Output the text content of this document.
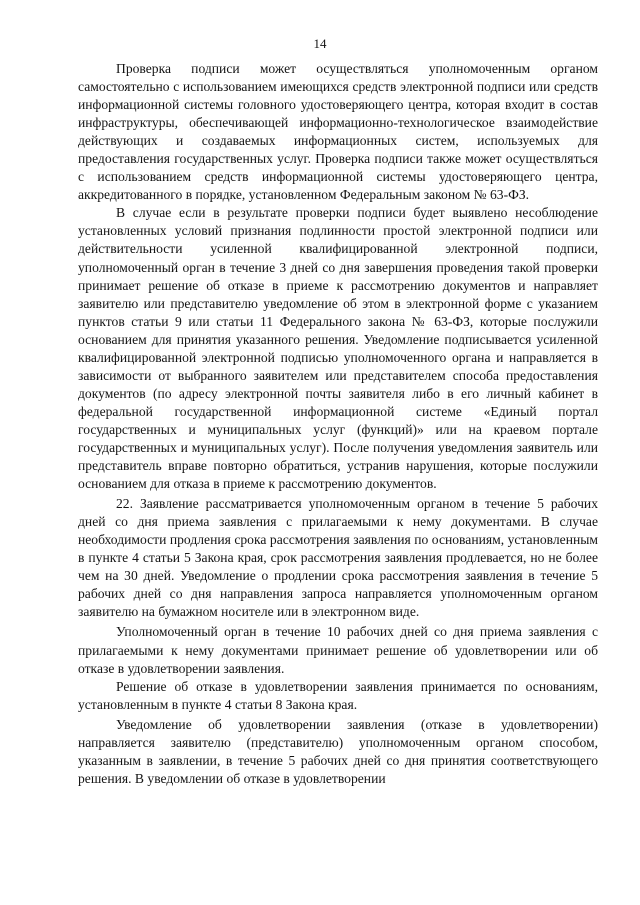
14

Проверка подписи может осуществляться уполномоченным органом самостоятельно с использованием имеющихся средств электронной подписи или средств информационной системы головного удостоверяющего центра, которая входит в состав инфраструктуры, обеспечивающей информационно-технологическое взаимодействие действующих и создаваемых информационных систем, используемых для предоставления государственных услуг. Проверка подписи также может осуществляться с использованием средств информационной системы удостоверяющего центра, аккредитованного в порядке, установленном Федеральным законом № 63-ФЗ.

В случае если в результате проверки подписи будет выявлено несоблюдение установленных условий признания подлинности простой электронной подписи или действительности усиленной квалифицированной электронной подписи, уполномоченный орган в течение 3 дней со дня завершения проведения такой проверки принимает решение об отказе в приеме к рассмотрению документов и направляет заявителю или представителю уведомление об этом в электронной форме с указанием пунктов статьи 9 или статьи 11 Федерального закона № 63-ФЗ, которые послужили основанием для принятия указанного решения. Уведомление подписывается усиленной квалифицированной электронной подписью уполномоченного органа и направляется в зависимости от выбранного заявителем или представителем способа предоставления документов (по адресу электронной почты заявителя либо в его личный кабинет в федеральной государственной информационной системе «Единый портал государственных и муниципальных услуг (функций)» или на краевом портале государственных и муниципальных услуг). После получения уведомления заявитель или представитель вправе повторно обратиться, устранив нарушения, которые послужили основанием для отказа в приеме к рассмотрению документов.

22. Заявление рассматривается уполномоченным органом в течение 5 рабочих дней со дня приема заявления с прилагаемыми к нему документами. В случае необходимости продления срока рассмотрения заявления по основаниям, установленным в пункте 4 статьи 5 Закона края, срок рассмотрения заявления продлевается, но не более чем на 30 дней. Уведомление о продлении срока рассмотрения заявления в течение 5 рабочих дней со дня направления запроса направляется уполномоченным органом заявителю на бумажном носителе или в электронном виде.

Уполномоченный орган в течение 10 рабочих дней со дня приема заявления с прилагаемыми к нему документами принимает решение об удовлетворении или об отказе в удовлетворении заявления.

Решение об отказе в удовлетворении заявления принимается по основаниям, установленным в пункте 4 статьи 8 Закона края.

Уведомление об удовлетворении заявления (отказе в удовлетворении) направляется заявителю (представителю) уполномоченным органом способом, указанным в заявлении, в течение 5 рабочих дней со дня принятия соответствующего решения. В уведомлении об отказе в удовлетворении
